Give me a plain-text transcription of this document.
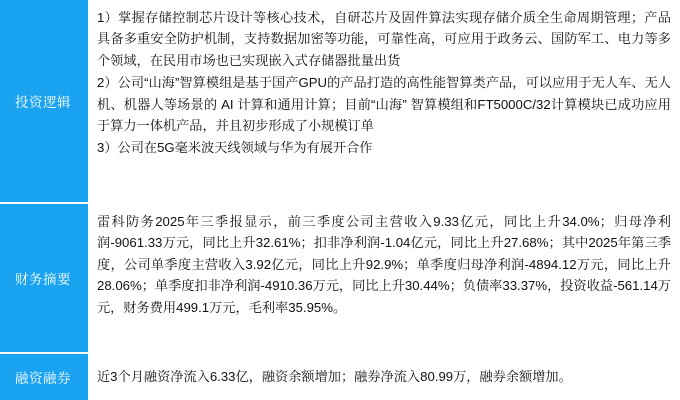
投资逻辑

1）掌握存储控制芯片设计等核心技术，自研芯片及固件算法实现存储介质全生命周期管理；产品具备多重安全防护机制，支持数据加密等功能，可靠性高，可应用于政务云、国防军工、电力等多个领域，在民用市场也已实现嵌入式存储器批量出货

2）公司“山海”智算模组是基于国产GPU的产品打造的高性能智算类产品，可以应用于无人车、无人机、机器人等场景的 AI 计算和通用计算；目前“山海” 智算模组和FT5000C/32计算模块已成功应用于算力一体机产品，并且初步形成了小规模订单

3）公司在5G毫米波天线领域与华为有展开合作

财务摘要

雷科防务2025年三季报显示，前三季度公司主营收入9.33亿元，同比上升34.0%；归母净利润-9061.33万元，同比上升32.61%；扣非净利润-1.04亿元，同比上升27.68%；其中2025年第三季度，公司单季度主营收入3.92亿元，同比上升92.9%；单季度归母净利润-4894.12万元，同比上升28.06%；单季度扣非净利润-4910.36万元，同比上升30.44%；负债率33.37%，投资收益-561.14万元，财务费用499.1万元，毛利率35.95%。

融资融券	近3个月融资净流入6.33亿，融资余额增加；融券净流入80.99万，融券余额增加。
